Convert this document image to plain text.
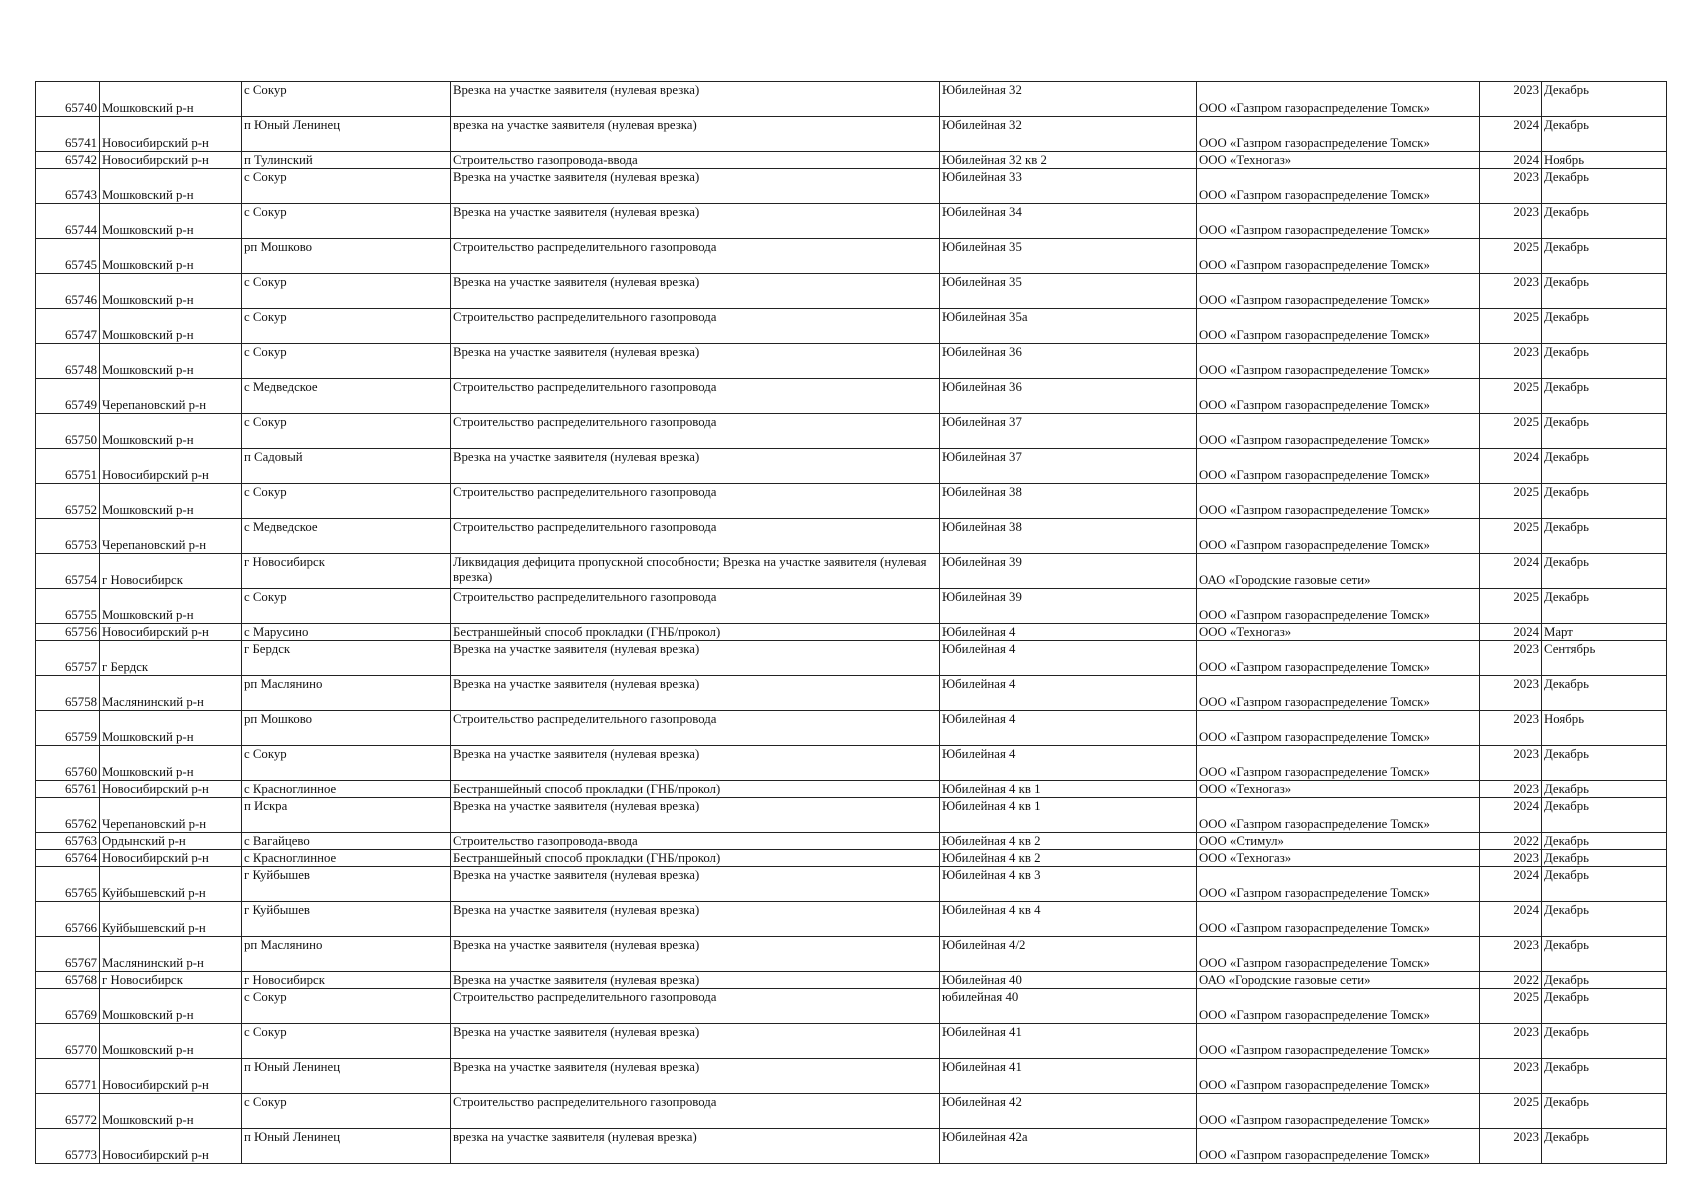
65740	Мошковский р-н	с Сокур	Врезка на участке заявителя (нулевая врезка)	Юбилейная 32	ООО «Газпром газораспределение Томск»	2023	Декабрь
65741	Новосибирский р-н	п Юный Ленинец	врезка на участке заявителя (нулевая врезка)	Юбилейная 32	ООО «Газпром газораспределение Томск»	2024	Декабрь
65742	Новосибирский р-н	п Тулинский	Строительство газопровода-ввода	Юбилейная 32 кв 2	ООО «Техногаз»	2024	Ноябрь
65743	Мошковский р-н	с Сокур	Врезка на участке заявителя (нулевая врезка)	Юбилейная 33	ООО «Газпром газораспределение Томск»	2023	Декабрь
65744	Мошковский р-н	с Сокур	Врезка на участке заявителя (нулевая врезка)	Юбилейная 34	ООО «Газпром газораспределение Томск»	2023	Декабрь
65745	Мошковский р-н	рп Мошково	Строительство распределительного газопровода	Юбилейная 35	ООО «Газпром газораспределение Томск»	2025	Декабрь
65746	Мошковский р-н	с Сокур	Врезка на участке заявителя (нулевая врезка)	Юбилейная 35	ООО «Газпром газораспределение Томск»	2023	Декабрь
65747	Мошковский р-н	с Сокур	Строительство распределительного газопровода	Юбилейная 35а	ООО «Газпром газораспределение Томск»	2025	Декабрь
65748	Мошковский р-н	с Сокур	Врезка на участке заявителя (нулевая врезка)	Юбилейная 36	ООО «Газпром газораспределение Томск»	2023	Декабрь
65749	Черепановский р-н	с Медведское	Строительство распределительного газопровода	Юбилейная 36	ООО «Газпром газораспределение Томск»	2025	Декабрь
65750	Мошковский р-н	с Сокур	Строительство распределительного газопровода	Юбилейная 37	ООО «Газпром газораспределение Томск»	2025	Декабрь
65751	Новосибирский р-н	п Садовый	Врезка на участке заявителя (нулевая врезка)	Юбилейная 37	ООО «Газпром газораспределение Томск»	2024	Декабрь
65752	Мошковский р-н	с Сокур	Строительство распределительного газопровода	Юбилейная 38	ООО «Газпром газораспределение Томск»	2025	Декабрь
65753	Черепановский р-н	с Медведское	Строительство распределительного газопровода	Юбилейная 38	ООО «Газпром газораспределение Томск»	2025	Декабрь
65754	г Новосибирск	г Новосибирск	Ликвидация дефицита пропускной способности; Врезка на участке заявителя (нулевая врезка)	Юбилейная 39	ОАО «Городские газовые сети»	2024	Декабрь
65755	Мошковский р-н	с Сокур	Строительство распределительного газопровода	Юбилейная 39	ООО «Газпром газораспределение Томск»	2025	Декабрь
65756	Новосибирский р-н	с Марусино	Бестраншейный способ прокладки (ГНБ/прокол)	Юбилейная 4	ООО «Техногаз»	2024	Март
65757	г Бердск	г Бердск	Врезка на участке заявителя (нулевая врезка)	Юбилейная 4	ООО «Газпром газораспределение Томск»	2023	Сентябрь
65758	Маслянинский р-н	рп Маслянино	Врезка на участке заявителя (нулевая врезка)	Юбилейная 4	ООО «Газпром газораспределение Томск»	2023	Декабрь
65759	Мошковский р-н	рп Мошково	Строительство распределительного газопровода	Юбилейная 4	ООО «Газпром газораспределение Томск»	2023	Ноябрь
65760	Мошковский р-н	с Сокур	Врезка на участке заявителя (нулевая врезка)	Юбилейная 4	ООО «Газпром газораспределение Томск»	2023	Декабрь
65761	Новосибирский р-н	с Красноглинное	Бестраншейный способ прокладки (ГНБ/прокол)	Юбилейная 4 кв 1	ООО «Техногаз»	2023	Декабрь
65762	Черепановский р-н	п Искра	Врезка на участке заявителя (нулевая врезка)	Юбилейная 4 кв 1	ООО «Газпром газораспределение Томск»	2024	Декабрь
65763	Ордынский р-н	с Вагайцево	Строительство газопровода-ввода	Юбилейная 4 кв 2	ООО «Стимул»	2022	Декабрь
65764	Новосибирский р-н	с Красноглинное	Бестраншейный способ прокладки (ГНБ/прокол)	Юбилейная 4 кв 2	ООО «Техногаз»	2023	Декабрь
65765	Куйбышевский р-н	г Куйбышев	Врезка на участке заявителя (нулевая врезка)	Юбилейная 4 кв 3	ООО «Газпром газораспределение Томск»	2024	Декабрь
65766	Куйбышевский р-н	г Куйбышев	Врезка на участке заявителя (нулевая врезка)	Юбилейная 4 кв 4	ООО «Газпром газораспределение Томск»	2024	Декабрь
65767	Маслянинский р-н	рп Маслянино	Врезка на участке заявителя (нулевая врезка)	Юбилейная 4/2	ООО «Газпром газораспределение Томск»	2023	Декабрь
65768	г Новосибирск	г Новосибирск	Врезка на участке заявителя (нулевая врезка)	Юбилейная 40	ОАО «Городские газовые сети»	2022	Декабрь
65769	Мошковский р-н	с Сокур	Строительство распределительного газопровода	юбилейная 40	ООО «Газпром газораспределение Томск»	2025	Декабрь
65770	Мошковский р-н	с Сокур	Врезка на участке заявителя (нулевая врезка)	Юбилейная 41	ООО «Газпром газораспределение Томск»	2023	Декабрь
65771	Новосибирский р-н	п Юный Ленинец	Врезка на участке заявителя (нулевая врезка)	Юбилейная 41	ООО «Газпром газораспределение Томск»	2023	Декабрь
65772	Мошковский р-н	с Сокур	Строительство распределительного газопровода	Юбилейная 42	ООО «Газпром газораспределение Томск»	2025	Декабрь
65773	Новосибирский р-н	п Юный Ленинец	врезка на участке заявителя (нулевая врезка)	Юбилейная 42а	ООО «Газпром газораспределение Томск»	2023	Декабрь
